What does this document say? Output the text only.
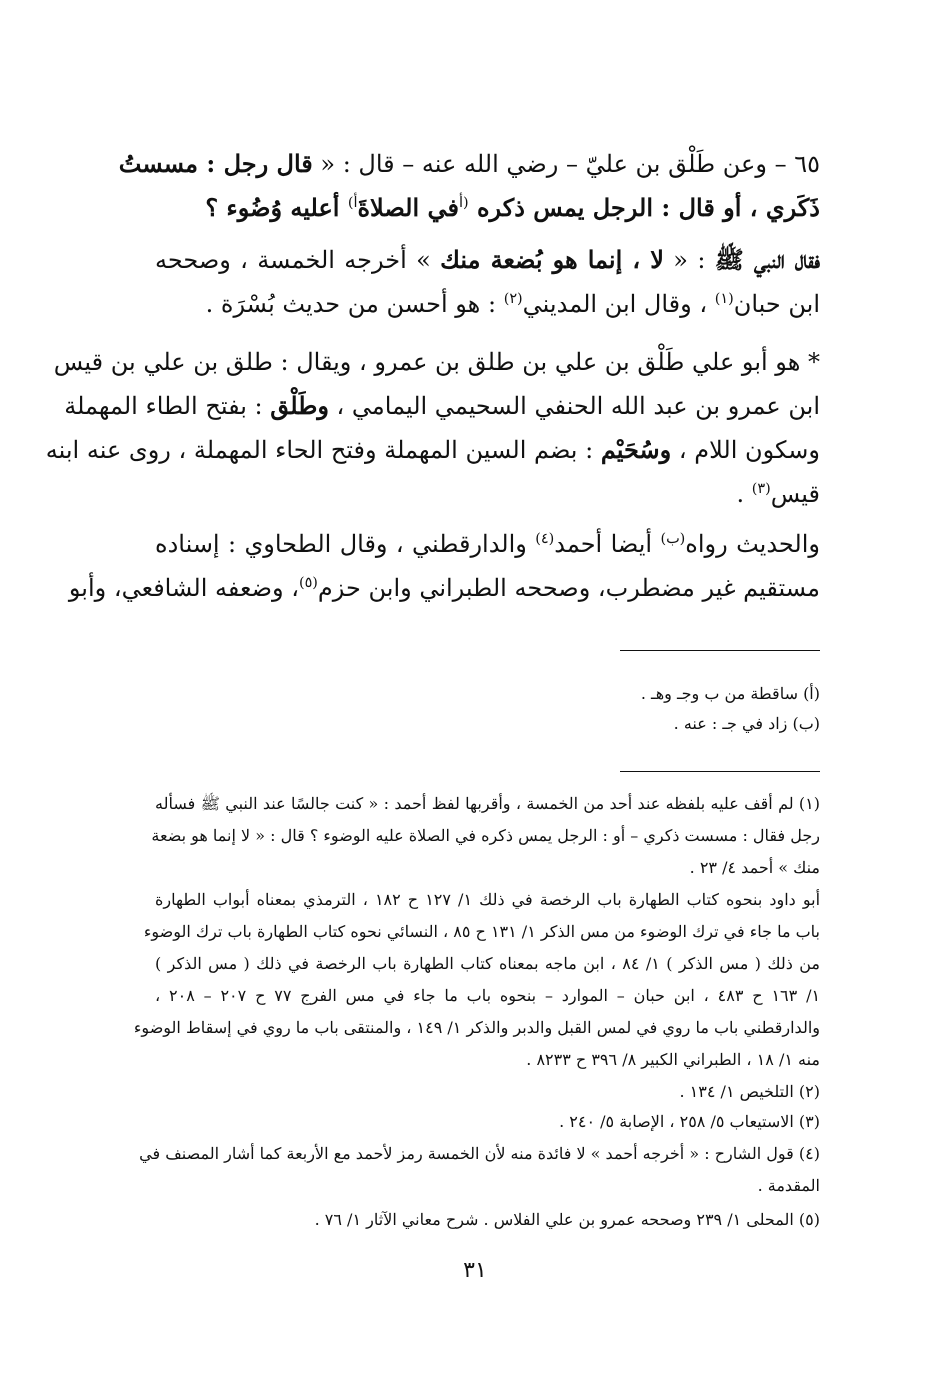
٦٥ – وعن طَلْق بن عليّ – رضي الله عنه – قال : « قال رجل : مسستُ
ذَكَري ، أو قال : الرجل يمس ذكره $^{(أ}$في الصلاةَ$^{أ)}$ أعليه وُضُوء ؟
فقال النبي ﷺ : « لا ، إنما هو بُضعة منك » أخرجه الخمسة ، وصححه
ابن حبان$^{(١)}$ ، وقال ابن المديني$^{(٢)}$ : هو أحسن من حديث بُسْرَة .
* هو أبو علي طَلْق بن علي بن طلق بن عمرو ، ويقال : طلق بن علي بن قيس
ابن عمرو بن عبد الله الحنفي السحيمي اليمامي ، وطَلْق : بفتح الطاء المهملة
وسكون اللام ، وسُحَيْم : بضم السين المهملة وفتح الحاء المهملة ، روى عنه ابنه
قيس$^{(٣)}$ .
والحديث رواه$^{(ب)}$ أيضا أحمد$^{(٤)}$ والدارقطني ، وقال الطحاوي : إسناده
مستقيم غير مضطرب، وصححه الطبراني وابن حزم$^{(٥)}$، وضعفه الشافعي، وأبو
(أ) ساقطة من ب وجـ وهـ .
(ب) زاد في جـ : عنه .
(١) لم أقف عليه بلفظه عند أحد من الخمسة ، وأقربها لفظ أحمد : « كنت جالسًا عند النبي ﷺ فسأله
رجل فقال : مسست ذكري – أو : الرجل يمس ذكره في الصلاة عليه الوضوء ؟ قال : « لا إنما هو بضعة
منك » أحمد ٤/ ٢٣ .
أبو داود بنحوه كتاب الطهارة باب الرخصة في ذلك ١/ ١٢٧ ح ١٨٢ ، الترمذي بمعناه أبواب الطهارة
باب ما جاء في ترك الوضوء من مس الذكر ١/ ١٣١ ح ٨٥ ، النسائي نحوه كتاب الطهارة باب ترك الوضوء
من ذلك ( مس الذكر ) ١/ ٨٤ ، ابن ماجه بمعناه كتاب الطهارة باب الرخصة في ذلك ( مس الذكر )
١/ ١٦٣ ح ٤٨٣ ، ابن حبان – الموارد – بنحوه باب ما جاء في مس الفرج ٧٧ ح ٢٠٧ – ٢٠٨ ،
والدارقطني باب ما روي في لمس القبل والدبر والذكر ١/ ١٤٩ ، والمنتقى باب ما روي في إسقاط الوضوء
منه ١/ ١٨ ، الطبراني الكبير ٨/ ٣٩٦ ح ٨٢٣٣ .
(٢) التلخيص ١/ ١٣٤ .
(٣) الاستيعاب ٥/ ٢٥٨ ، الإصابة ٥/ ٢٤٠ .
(٤) قول الشارح : « أخرجه أحمد » لا فائدة منه لأن الخمسة رمز لأحمد مع الأربعة كما أشار المصنف في
المقدمة .
(٥) المحلى ١/ ٢٣٩ وصححه عمرو بن علي الفلاس . شرح معاني الآثار ١/ ٧٦ .
٣١
